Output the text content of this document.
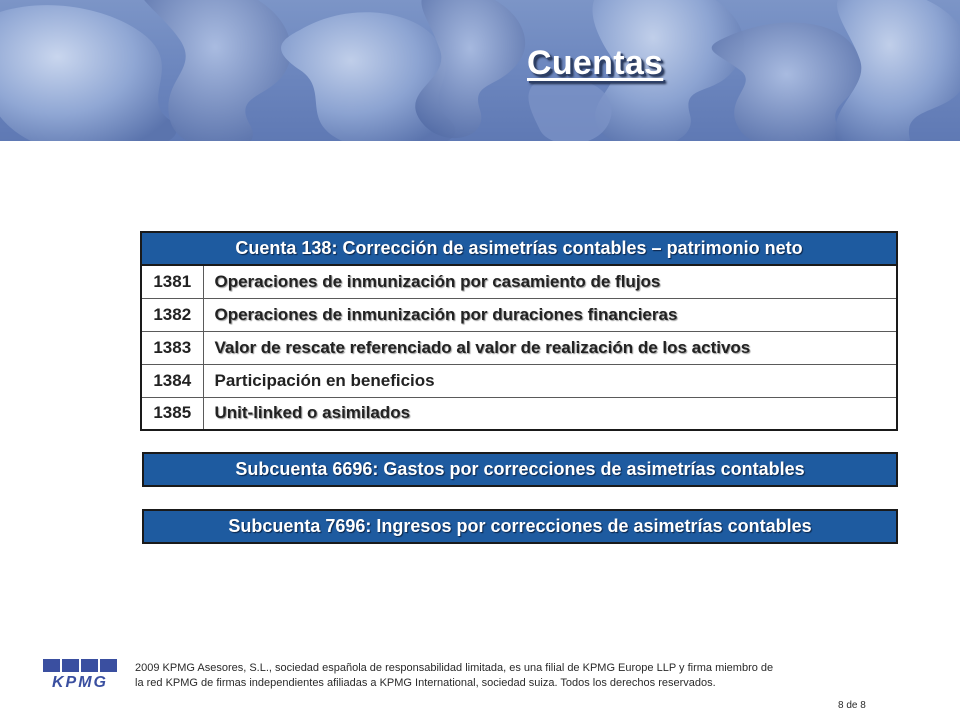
Cuentas
Cuenta 138: Corrección de asimetrías contables – patrimonio neto	
1381	Operaciones de inmunización por casamiento de flujos
1382	Operaciones de inmunización por duraciones financieras
1383	Valor de rescate referenciado al valor de realización de los activos
1384	Participación en beneficios
1385	Unit-linked o asimilados
Subcuenta 6696: Gastos por correcciones de asimetrías contables
Subcuenta 7696: Ingresos por correcciones de asimetrías contables
KPMG
2009 KPMG Asesores, S.L., sociedad española de responsabilidad limitada, es una filial de KPMG Europe LLP y firma miembro de
la red KPMG de firmas independientes afiliadas a KPMG International, sociedad suiza. Todos los derechos reservados.
8 de 8
